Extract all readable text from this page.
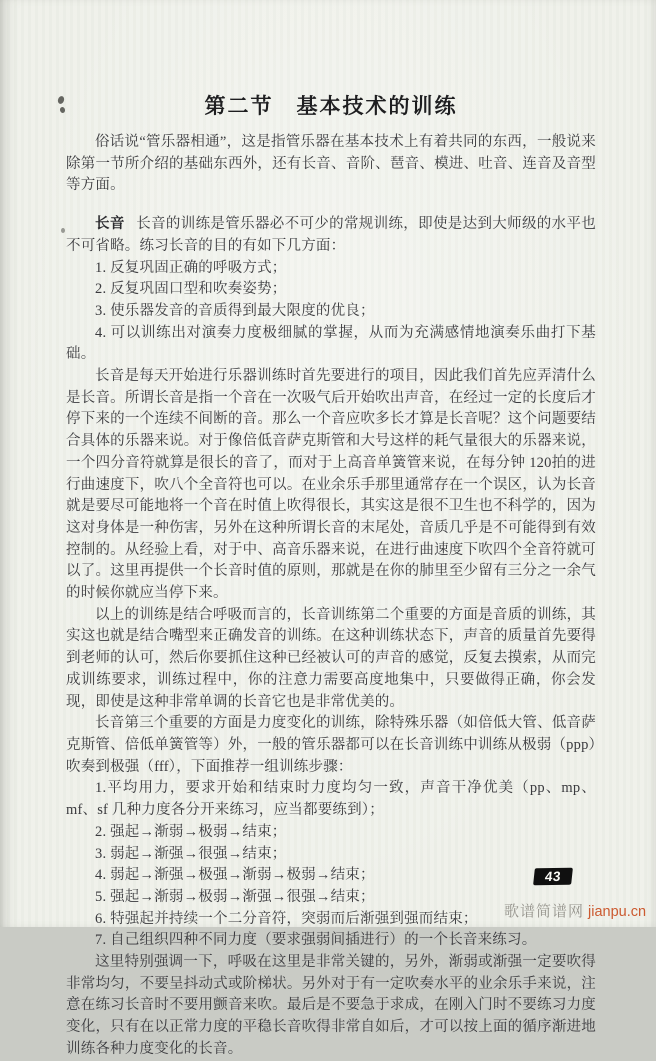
第二节　基本技术的训练

俗话说“管乐器相通”，这是指管乐器在基本技术上有着共同的东西，一般说来除第一节所介绍的基础东西外，还有长音、音阶、琶音、模进、吐音、连音及音型等方面。

长音 长音的训练是管乐器必不可少的常规训练，即使是达到大师级的水平也不可省略。练习长音的目的有如下几方面：

1. 反复巩固正确的呼吸方式；

2. 反复巩固口型和吹奏姿势；

3. 使乐器发音的音质得到最大限度的优良；

4. 可以训练出对演奏力度极细腻的掌握，从而为充满感情地演奏乐曲打下基础。

长音是每天开始进行乐器训练时首先要进行的项目，因此我们首先应弄清什么是长音。所谓长音是指一个音在一次吸气后开始吹出声音，在经过一定的长度后才停下来的一个连续不间断的音。那么一个音应吹多长才算是长音呢？这个问题要结合具体的乐器来说。对于像倍低音萨克斯管和大号这样的耗气量很大的乐器来说，一个四分音符就算是很长的音了，而对于上高音单簧管来说，在每分钟 120拍的进行曲速度下，吹八个全音符也可以。在业余乐手那里通常存在一个误区，认为长音就是要尽可能地将一个音在时值上吹得很长，其实这是很不卫生也不科学的，因为这对身体是一种伤害，另外在这种所谓长音的末尾处，音质几乎是不可能得到有效控制的。从经验上看，对于中、高音乐器来说，在进行曲速度下吹四个全音符就可以了。这里再提供一个长音时值的原则，那就是在你的肺里至少留有三分之一余气的时候你就应当停下来。

以上的训练是结合呼吸而言的，长音训练第二个重要的方面是音质的训练，其实这也就是结合嘴型来正确发音的训练。在这种训练状态下，声音的质量首先要得到老师的认可，然后你要抓住这种已经被认可的声音的感觉，反复去摸索，从而完成训练要求，训练过程中，你的注意力需要高度地集中，只要做得正确，你会发现，即使是这种非常单调的长音它也是非常优美的。

长音第三个重要的方面是力度变化的训练，除特殊乐器（如倍低大管、低音萨克斯管、倍低单簧管等）外，一般的管乐器都可以在长音训练中训练从极弱（ppp）吹奏到极强（fff），下面推荐一组训练步骤：

1.平均用力，要求开始和结束时力度均匀一致，声音干净优美（pp、mp、mf、sf 几种力度各分开来练习，应当都要练到）；

2. 强起→渐弱→极弱→结束；

3. 弱起→渐强→很强→结束；

4. 弱起→渐强→极强→渐弱→极弱→结束；

5. 强起→渐弱→极弱→渐强→很强→结束；

6. 特强起并持续一个二分音符，突弱而后渐强到强而结束；

7. 自己组织四种不同力度（要求强弱间插进行）的一个长音来练习。

这里特别强调一下，呼吸在这里是非常关键的，另外，渐弱或渐强一定要吹得非常均匀，不要呈抖动式或阶梯状。另外对于有一定吹奏水平的业余乐手来说，注意在练习长音时不要用颤音来吹。最后是不要急于求成，在刚入门时不要练习力度变化，只有在以正常力度的平稳长音吹得非常自如后，才可以按上面的循序渐进地训练各种力度变化的长音。

43
歌谱简谱网 jianpu.cn
